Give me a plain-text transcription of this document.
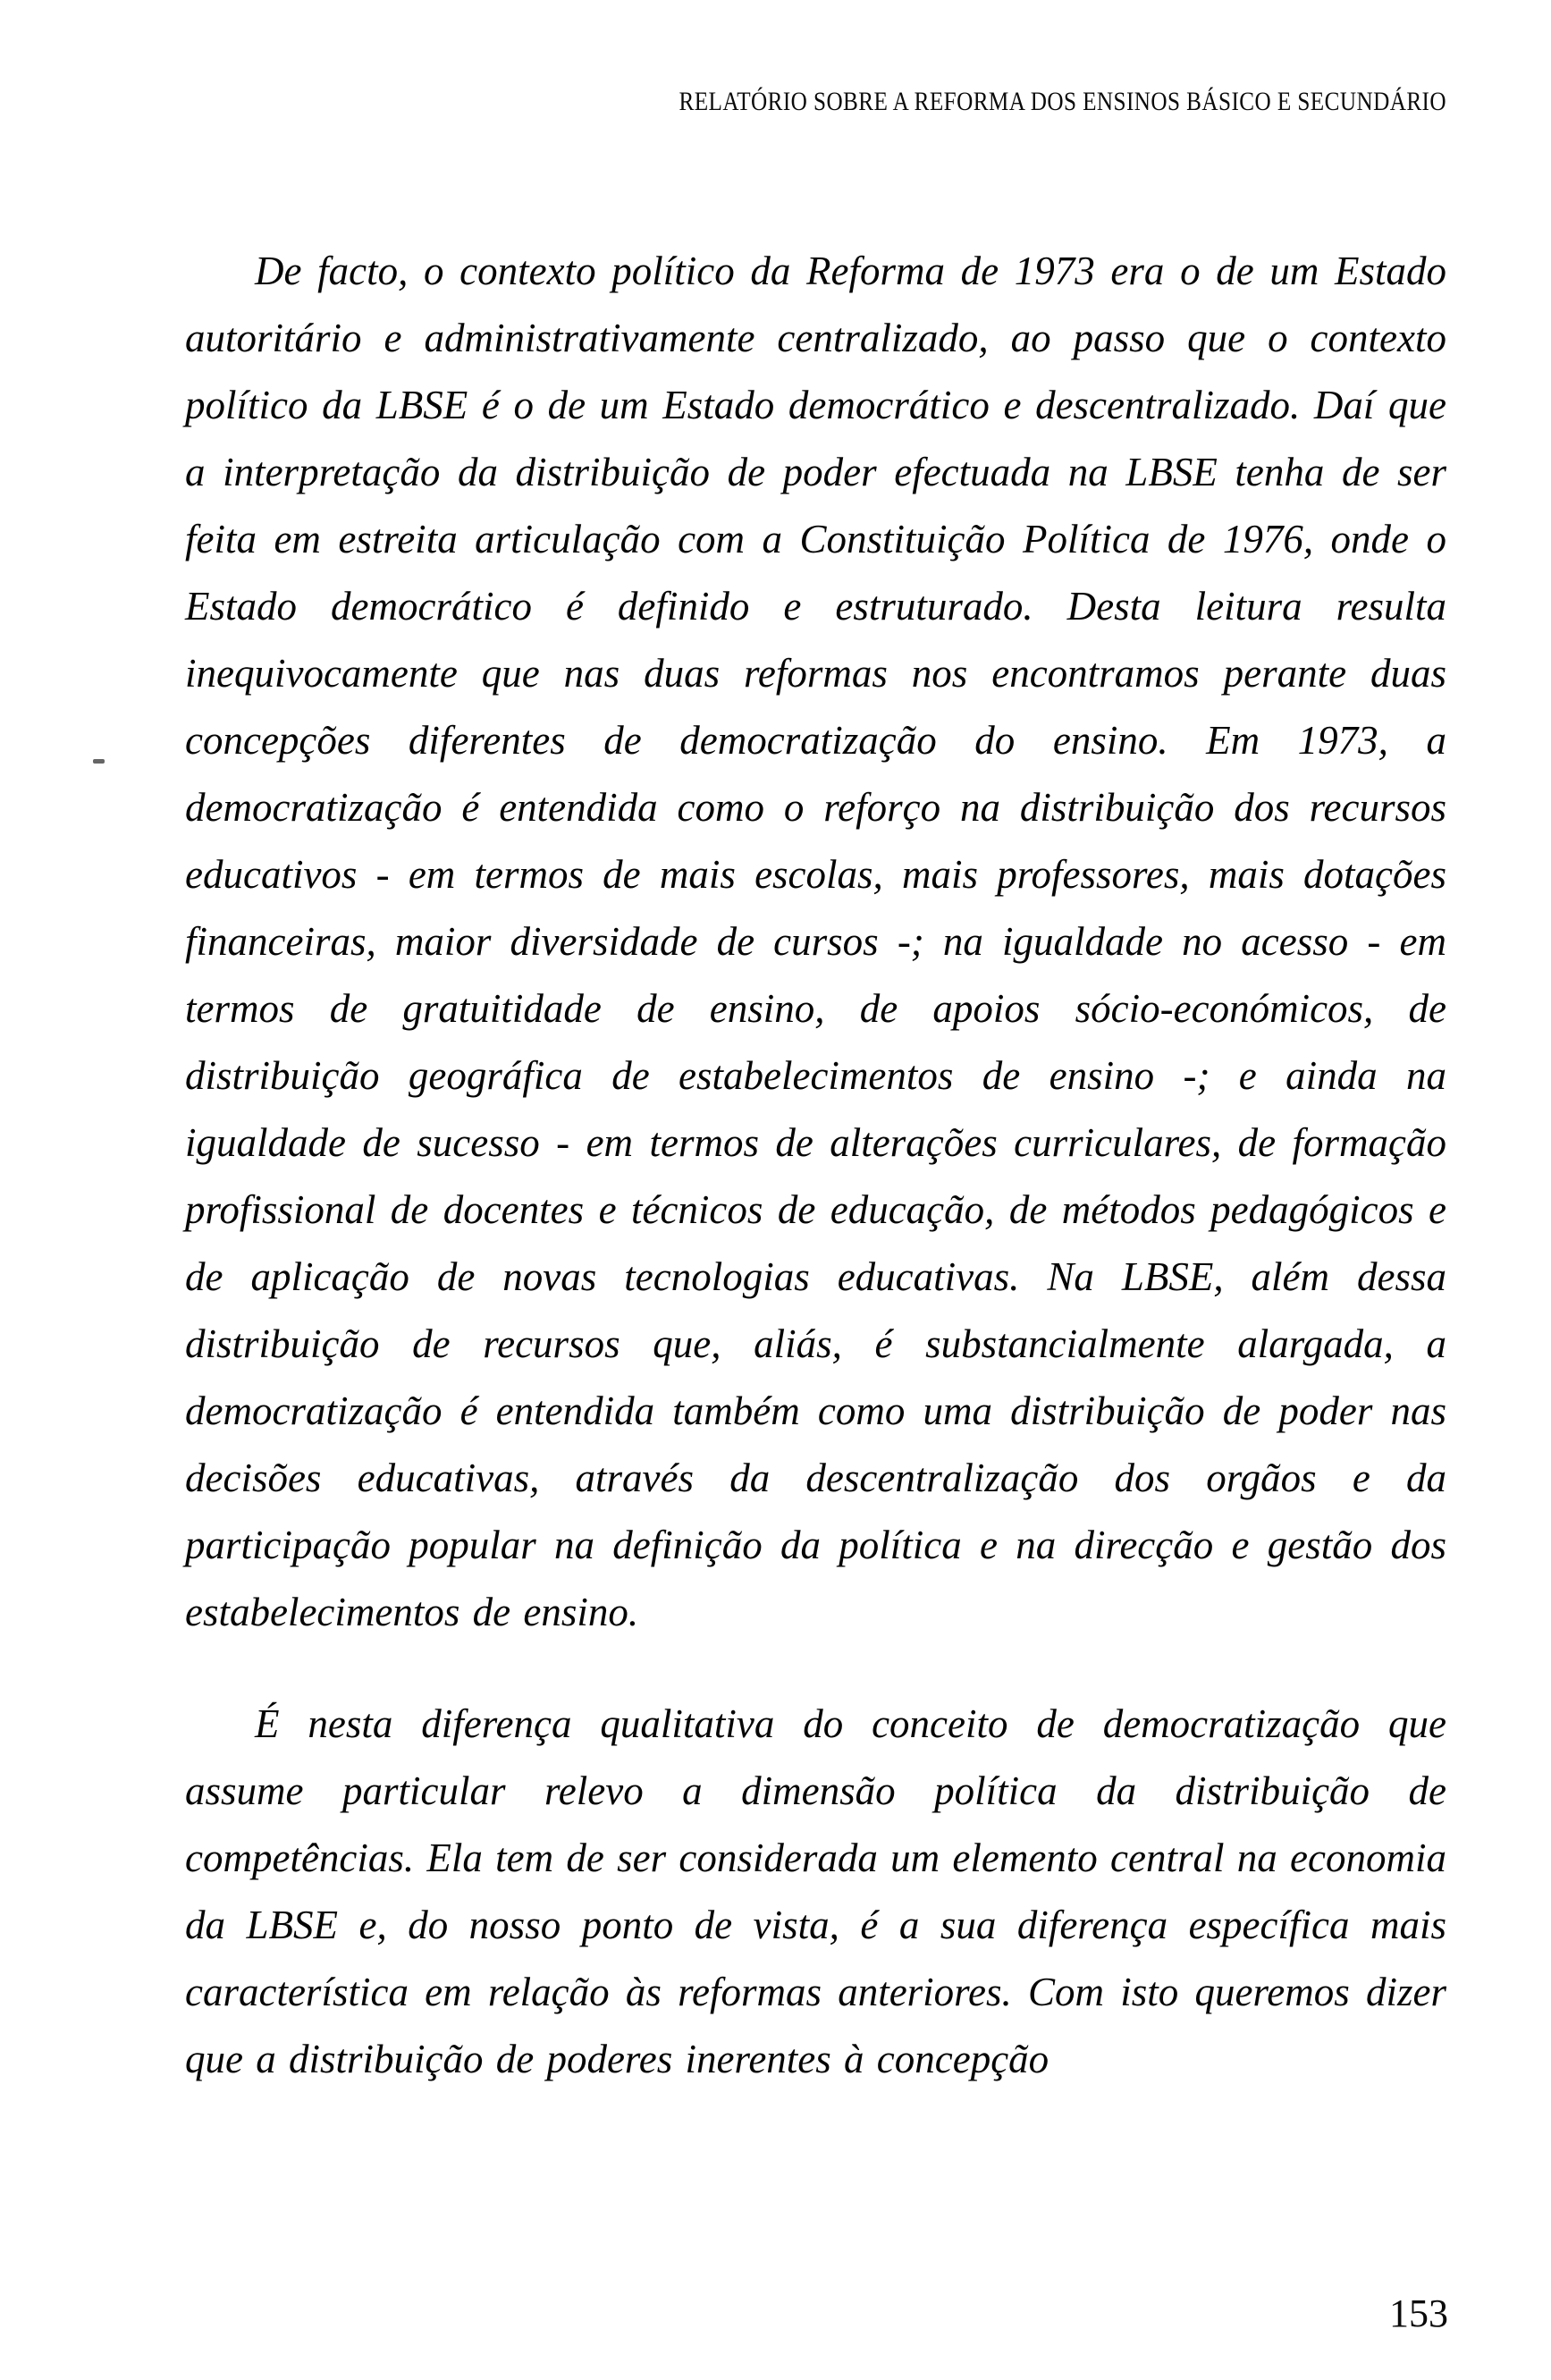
RELATÓRIO SOBRE A REFORMA DOS ENSINOS BÁSICO E SECUNDÁRIO

De facto, o contexto político da Reforma de 1973 era o de um Estado autoritário e administrativamente centralizado, ao passo que o contexto político da LBSE é o de um Estado democrático e descentralizado. Daí que a interpretação da distribuição de poder efectuada na LBSE tenha de ser feita em estreita articulação com a Constituição Política de 1976, onde o Estado democrático é definido e estruturado. Desta leitura resulta inequivocamente que nas duas reformas nos encontramos perante duas concepções diferentes de democratização do ensino. Em 1973, a democratização é entendida como o reforço na distribuição dos recursos educativos - em termos de mais escolas, mais professores, mais dotações financeiras, maior diversidade de cursos -; na igualdade no acesso - em termos de gratuitidade de ensino, de apoios sócio-económicos, de distribuição geográfica de estabelecimentos de ensino -; e ainda na igualdade de sucesso - em termos de alterações curriculares, de formação profissional de docentes e técnicos de educação, de métodos pedagógicos e de aplicação de novas tecnologias educativas. Na LBSE, além dessa distribuição de recursos que, aliás, é substancialmente alargada, a democratização é entendida também como uma distribuição de poder nas decisões educativas, através da descentralização dos orgãos e da participação popular na definição da política e na direcção e gestão dos estabelecimentos de ensino.

É nesta diferença qualitativa do conceito de democratização que assume particular relevo a dimensão política da distribuição de competências. Ela tem de ser considerada um elemento central na economia da LBSE e, do nosso ponto de vista, é a sua diferença específica mais característica em relação às reformas anteriores. Com isto queremos dizer que a distribuição de poderes inerentes à concepção

153
